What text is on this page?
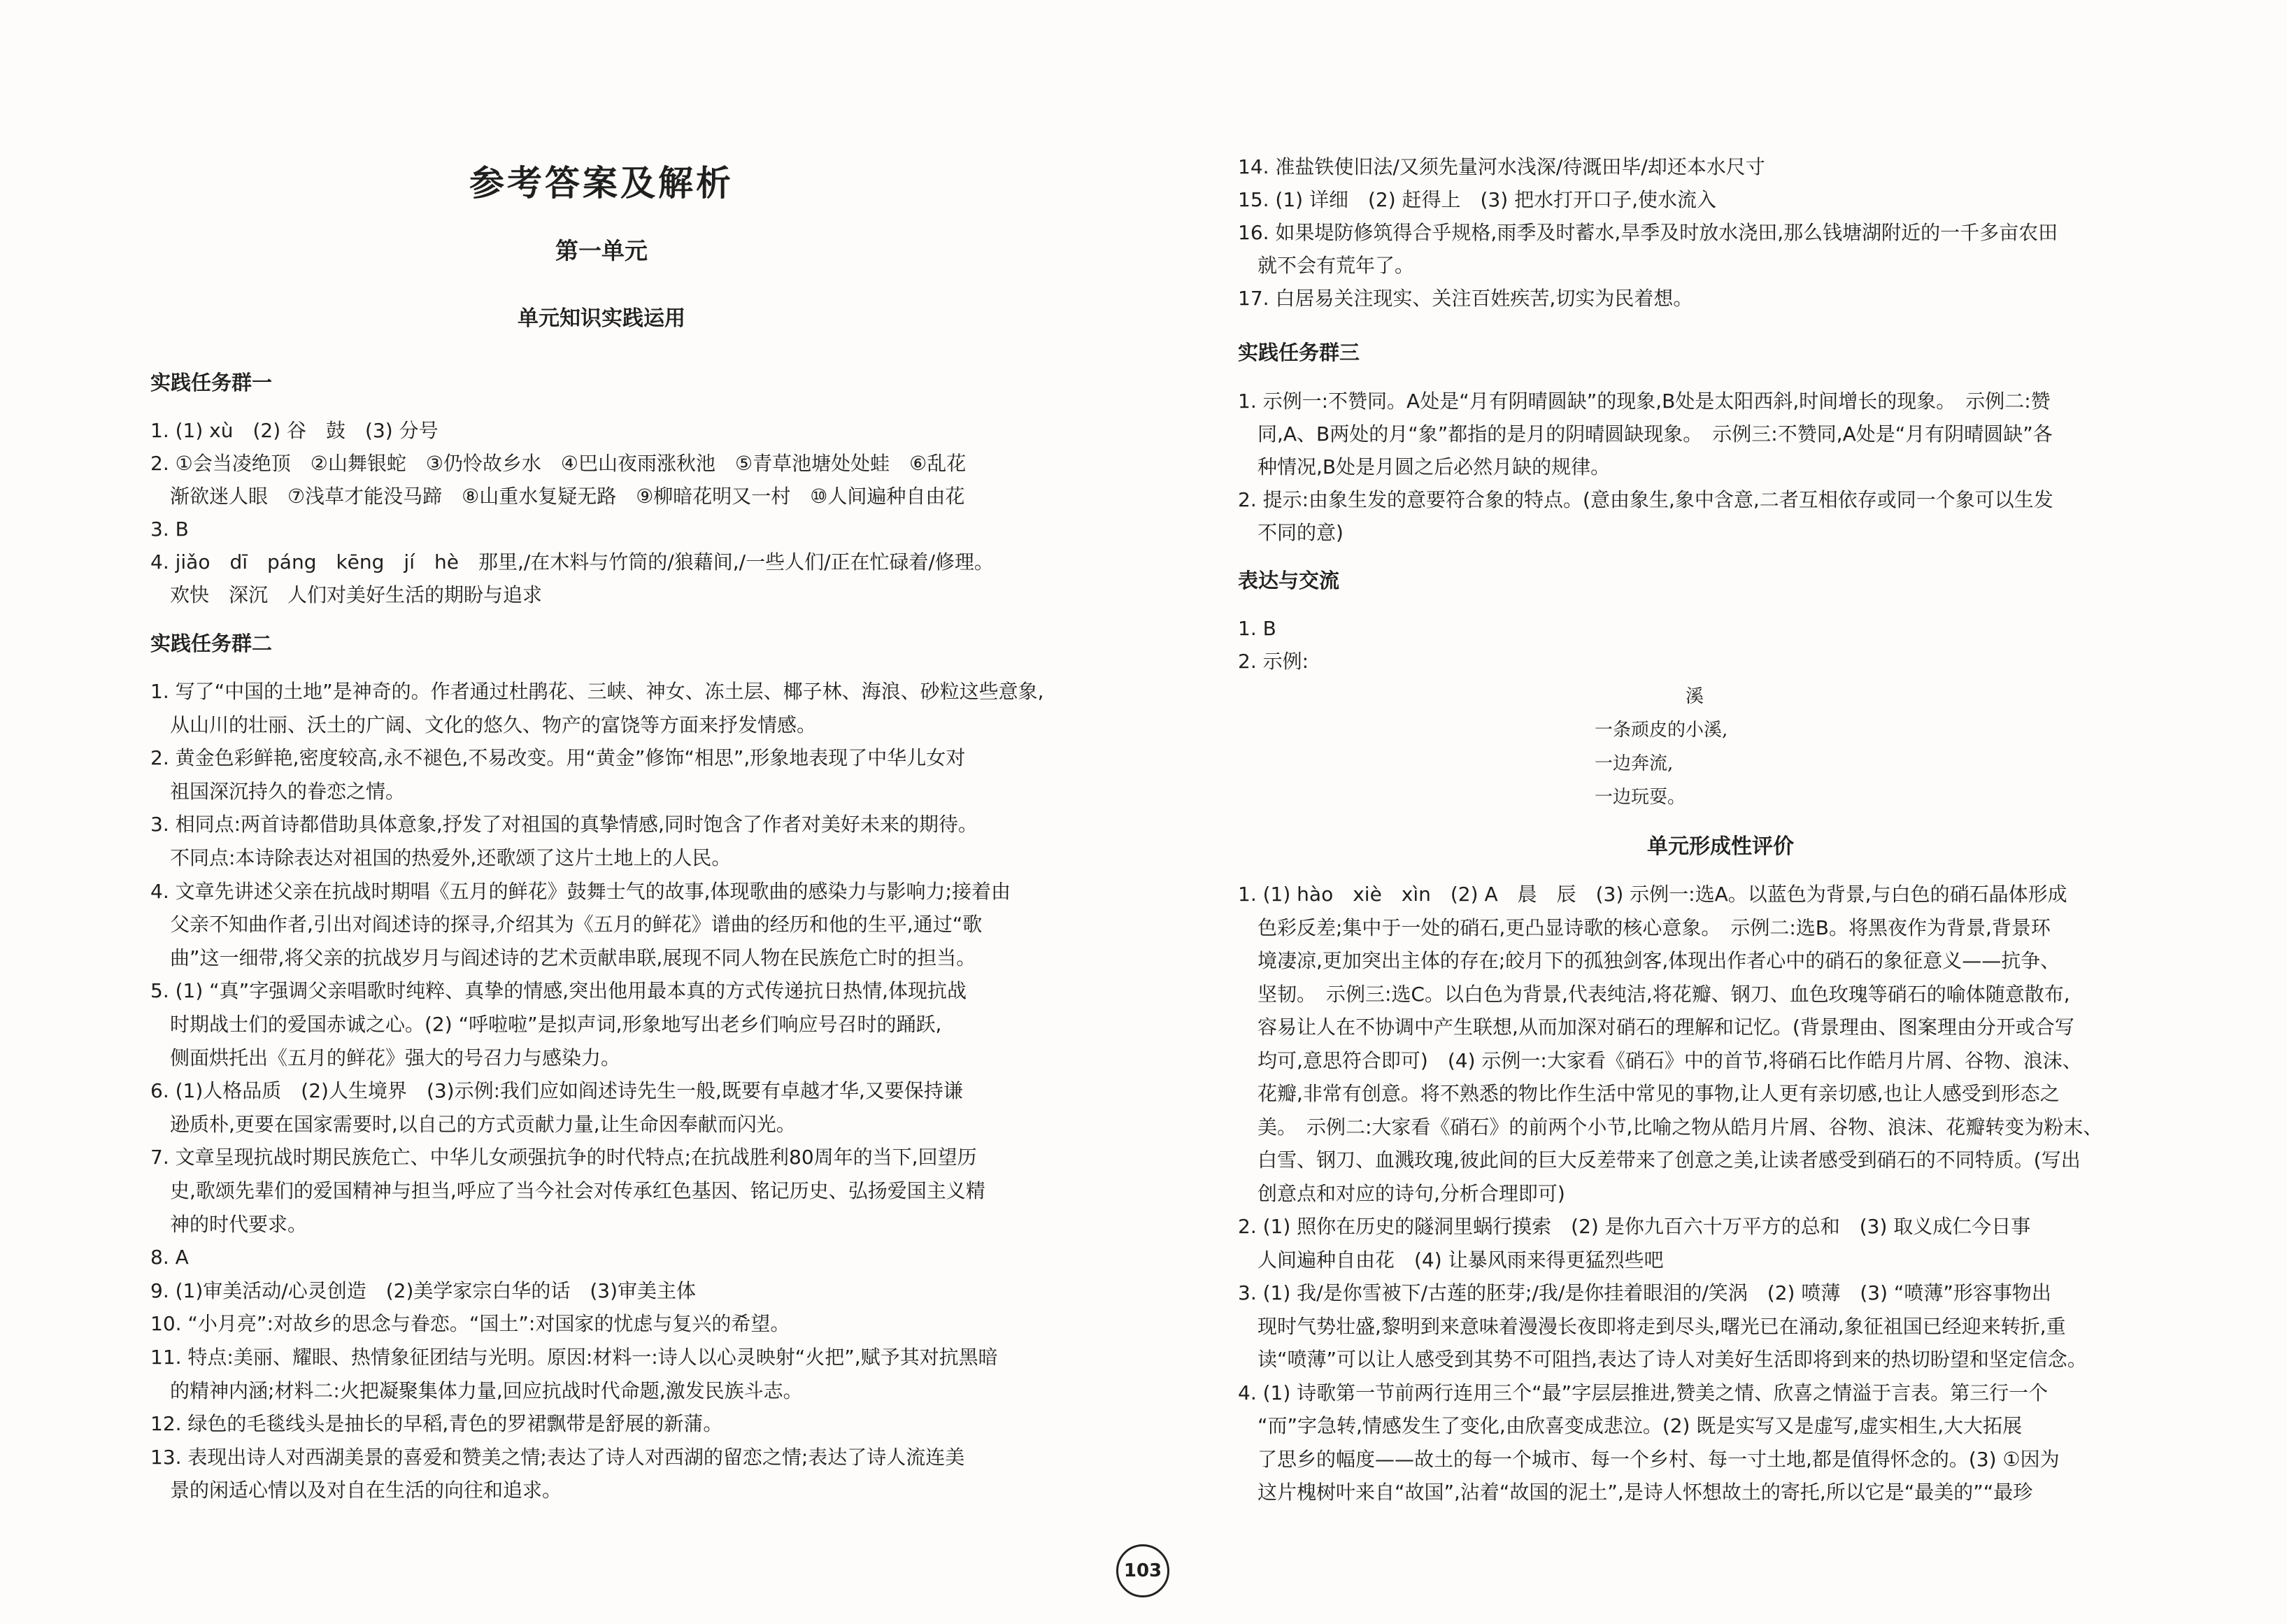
参考答案及解析
第一单元
单元知识实践运用
实践任务群一
1. (1) xù　(2) 谷　鼓　(3) 分号
2. ①会当凌绝顶　②山舞银蛇　③仍怜故乡水　④巴山夜雨涨秋池　⑤青草池塘处处蛙　⑥乱花
　渐欲迷人眼　⑦浅草才能没马蹄　⑧山重水复疑无路　⑨柳暗花明又一村　⑩人间遍种自由花
3. B
4. jiǎo　dī　páng　kēng　jí　hè　那里,/在木料与竹筒的/狼藉间,/一些人们/正在忙碌着/修理。
　欢快　深沉　人们对美好生活的期盼与追求
实践任务群二
1. 写了“中国的土地”是神奇的。作者通过杜鹃花、三峡、神女、冻土层、椰子林、海浪、砂粒这些意象,
　从山川的壮丽、沃土的广阔、文化的悠久、物产的富饶等方面来抒发情感。
2. 黄金色彩鲜艳,密度较高,永不褪色,不易改变。用“黄金”修饰“相思”,形象地表现了中华儿女对
　祖国深沉持久的眷恋之情。
3. 相同点:两首诗都借助具体意象,抒发了对祖国的真挚情感,同时饱含了作者对美好未来的期待。
　不同点:本诗除表达对祖国的热爱外,还歌颂了这片土地上的人民。
4. 文章先讲述父亲在抗战时期唱《五月的鲜花》鼓舞士气的故事,体现歌曲的感染力与影响力;接着由
　父亲不知曲作者,引出对阎述诗的探寻,介绍其为《五月的鲜花》谱曲的经历和他的生平,通过“歌
　曲”这一细带,将父亲的抗战岁月与阎述诗的艺术贡献串联,展现不同人物在民族危亡时的担当。
5. (1) “真”字强调父亲唱歌时纯粹、真挚的情感,突出他用最本真的方式传递抗日热情,体现抗战
　时期战士们的爱国赤诚之心。(2) “呼啦啦”是拟声词,形象地写出老乡们响应号召时的踊跃,
　侧面烘托出《五月的鲜花》强大的号召力与感染力。
6. (1)人格品质　(2)人生境界　(3)示例:我们应如阎述诗先生一般,既要有卓越才华,又要保持谦
　逊质朴,更要在国家需要时,以自己的方式贡献力量,让生命因奉献而闪光。
7. 文章呈现抗战时期民族危亡、中华儿女顽强抗争的时代特点;在抗战胜利80周年的当下,回望历
　史,歌颂先辈们的爱国精神与担当,呼应了当今社会对传承红色基因、铭记历史、弘扬爱国主义精
　神的时代要求。
8. A
9. (1)审美活动/心灵创造　(2)美学家宗白华的话　(3)审美主体
10. “小月亮”:对故乡的思念与眷恋。“国土”:对国家的忧虑与复兴的希望。
11. 特点:美丽、耀眼、热情象征团结与光明。原因:材料一:诗人以心灵映射“火把”,赋予其对抗黑暗
　的精神内涵;材料二:火把凝聚集体力量,回应抗战时代命题,激发民族斗志。
12. 绿色的毛毯线头是抽长的早稻,青色的罗裙飘带是舒展的新蒲。
13. 表现出诗人对西湖美景的喜爱和赞美之情;表达了诗人对西湖的留恋之情;表达了诗人流连美
　景的闲适心情以及对自在生活的向往和追求。
14. 准盐铁使旧法/又须先量河水浅深/待溉田毕/却还本水尺寸
15. (1) 详细　(2) 赶得上　(3) 把水打开口子,使水流入
16. 如果堤防修筑得合乎规格,雨季及时蓄水,旱季及时放水浇田,那么钱塘湖附近的一千多亩农田
　就不会有荒年了。
17. 白居易关注现实、关注百姓疾苦,切实为民着想。
实践任务群三
1. 示例一:不赞同。A处是“月有阴晴圆缺”的现象,B处是太阳西斜,时间增长的现象。　示例二:赞
　同,A、B两处的月“象”都指的是月的阴晴圆缺现象。　示例三:不赞同,A处是“月有阴晴圆缺”各
　种情况,B处是月圆之后必然月缺的规律。
2. 提示:由象生发的意要符合象的特点。(意由象生,象中含意,二者互相依存或同一个象可以生发
　不同的意)
表达与交流
1. B
2. 示例:
溪
一条顽皮的小溪,
一边奔流,
一边玩耍。
单元形成性评价
1. (1) hào　xiè　xìn　(2) A　晨　辰　(3) 示例一:选A。以蓝色为背景,与白色的硝石晶体形成
　色彩反差;集中于一处的硝石,更凸显诗歌的核心意象。　示例二:选B。将黑夜作为背景,背景环
　境凄凉,更加突出主体的存在;皎月下的孤独剑客,体现出作者心中的硝石的象征意义——抗争、
　坚韧。　示例三:选C。以白色为背景,代表纯洁,将花瓣、钢刀、血色玫瑰等硝石的喻体随意散布,
　容易让人在不协调中产生联想,从而加深对硝石的理解和记忆。(背景理由、图案理由分开或合写
　均可,意思符合即可)　(4) 示例一:大家看《硝石》中的首节,将硝石比作皓月片屑、谷物、浪沫、
　花瓣,非常有创意。将不熟悉的物比作生活中常见的事物,让人更有亲切感,也让人感受到形态之
　美。　示例二:大家看《硝石》的前两个小节,比喻之物从皓月片屑、谷物、浪沫、花瓣转变为粉末、
　白雪、钢刀、血溅玫瑰,彼此间的巨大反差带来了创意之美,让读者感受到硝石的不同特质。(写出
　创意点和对应的诗句,分析合理即可)
2. (1) 照你在历史的隧洞里蜗行摸索　(2) 是你九百六十万平方的总和　(3) 取义成仁今日事
　人间遍种自由花　(4) 让暴风雨来得更猛烈些吧
3. (1) 我/是你雪被下/古莲的胚芽;/我/是你挂着眼泪的/笑涡　(2) 喷薄　(3) “喷薄”形容事物出
　现时气势壮盛,黎明到来意味着漫漫长夜即将走到尽头,曙光已在涌动,象征祖国已经迎来转折,重
　读“喷薄”可以让人感受到其势不可阻挡,表达了诗人对美好生活即将到来的热切盼望和坚定信念。
4. (1) 诗歌第一节前两行连用三个“最”字层层推进,赞美之情、欣喜之情溢于言表。第三行一个
　“而”字急转,情感发生了变化,由欣喜变成悲泣。(2) 既是实写又是虚写,虚实相生,大大拓展
　了思乡的幅度——故土的每一个城市、每一个乡村、每一寸土地,都是值得怀念的。(3) ①因为
　这片槐树叶来自“故国”,沾着“故国的泥土”,是诗人怀想故土的寄托,所以它是“最美的”“最珍
103
